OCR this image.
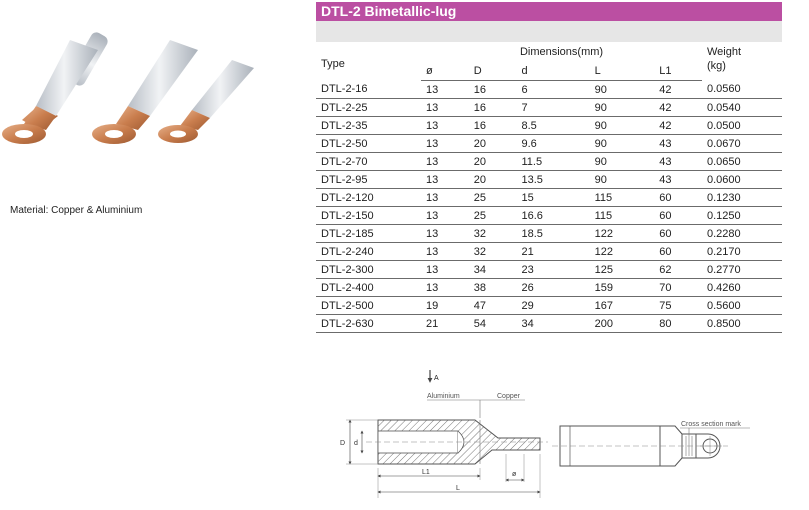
Material: Copper & Aluminium
DTL-2 Bimetallic-lug
Type	Dimensions(mm)					Weight
(kg)
	ø	D	d	L	L1	
DTL-2-16	13	16	6	90	42	0.0560
DTL-2-25	13	16	7	90	42	0.0540
DTL-2-35	13	16	8.5	90	42	0.0500
DTL-2-50	13	20	9.6	90	43	0.0670
DTL-2-70	13	20	11.5	90	43	0.0650
DTL-2-95	13	20	13.5	90	43	0.0600
DTL-2-120	13	25	15	115	60	0.1230
DTL-2-150	13	25	16.6	115	60	0.1250
DTL-2-185	13	32	18.5	122	60	0.2280
DTL-2-240	13	32	21	122	60	0.2170
DTL-2-300	13	34	23	125	62	0.2770
DTL-2-400	13	38	26	159	70	0.4260
DTL-2-500	19	47	29	167	75	0.5600
DTL-2-630	21	54	34	200	80	0.8500
A
Aluminium	Copper
D d
L1
L
ø
Cross section mark
